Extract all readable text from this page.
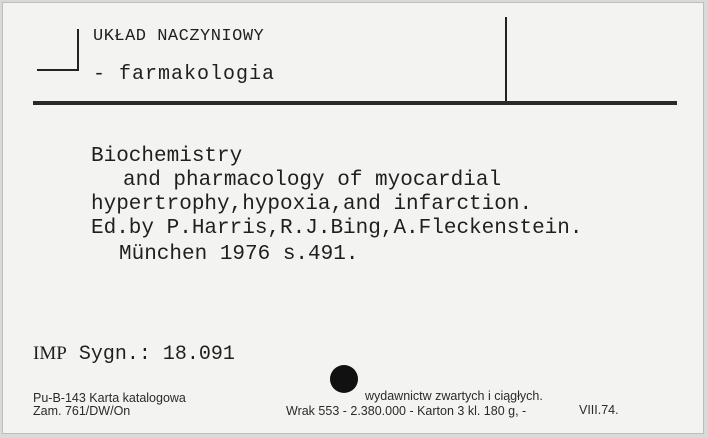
UKŁAD NACZYNIOWY
- farmakologia
Biochemistry
and pharmacology of myocardial
hypertrophy,hypoxia,and infarction.
Ed.by P.Harris,R.J.Bing,A.Fleckenstein.
München 1976 s.491.
IMP Sygn.: 18.091
Pu-B-143 Karta katalogowa	wydawnictw zwartych i ciągłych.
Zam. 761/DW/On	Wrak 553 - 2.380.000 - Karton 3 kl. 180 g, -	VIII.74.
